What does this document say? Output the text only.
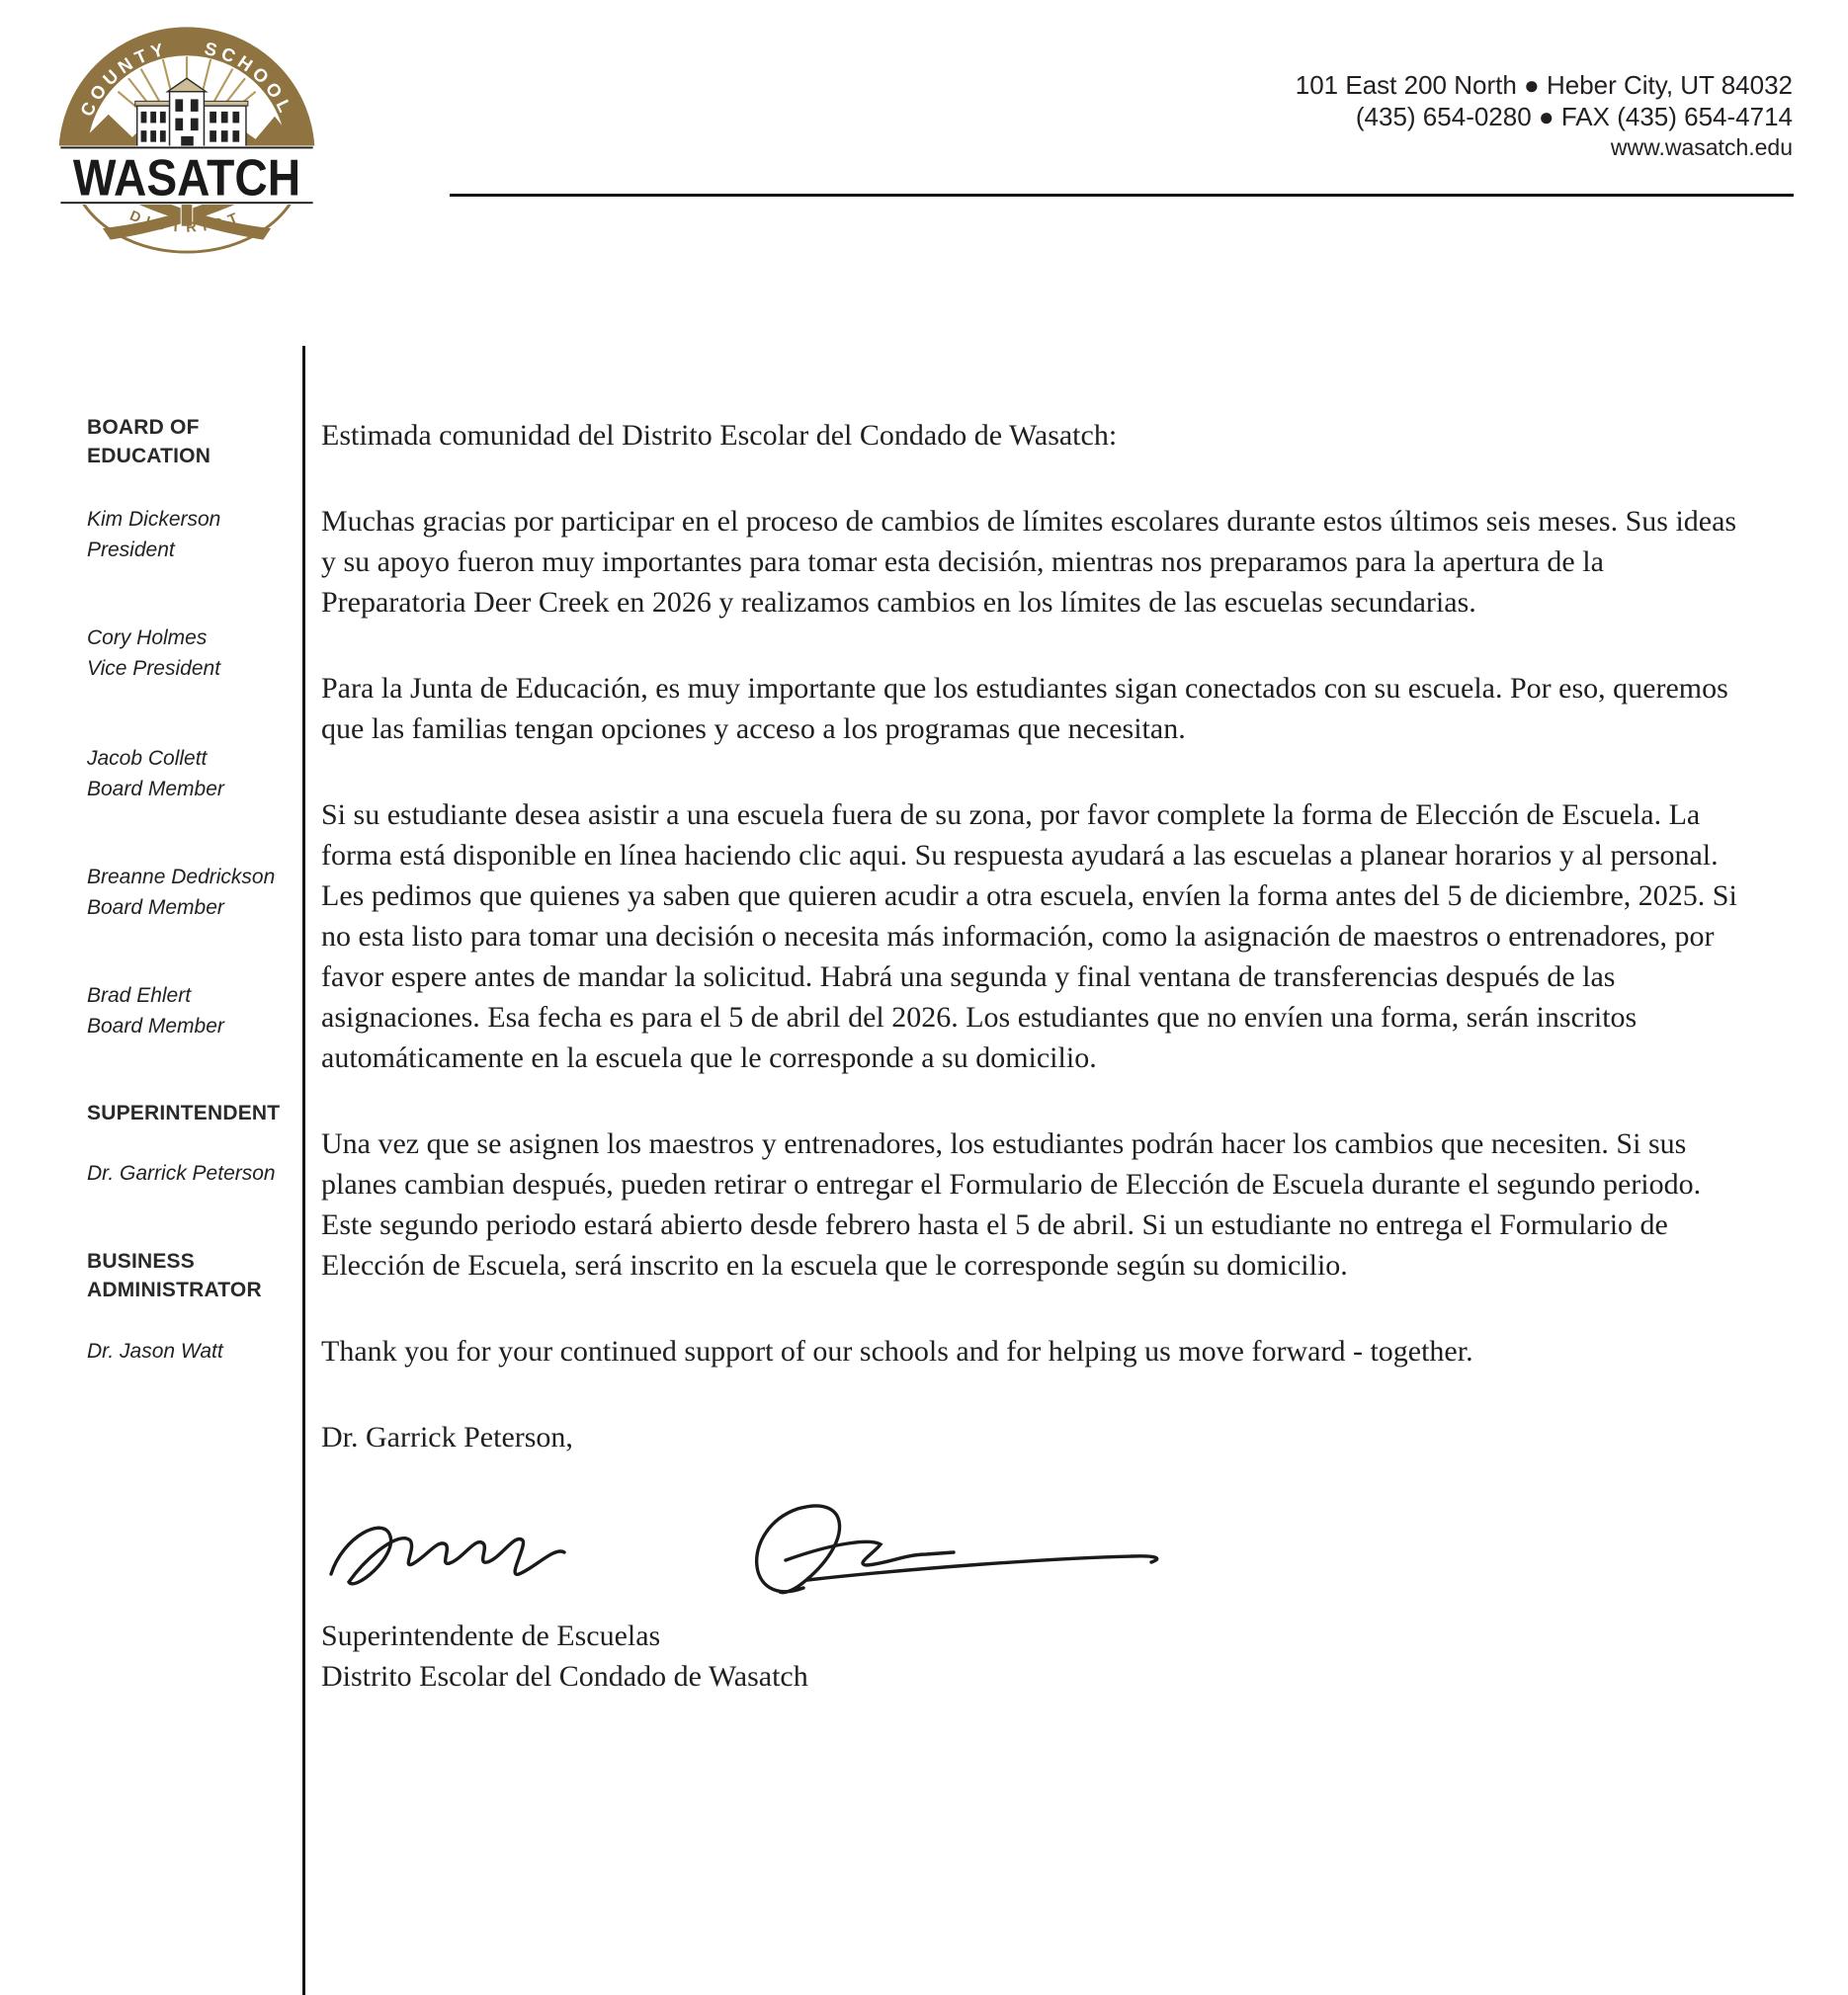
COUNTY SCHOOL
DISTRICT
WASATCH
101 East 200 North ● Heber City, UT 84032
(435) 654-0280 ● FAX (435) 654-4714
www.wasatch.edu
BOARD OF EDUCATION
Kim Dickerson
President
Cory Holmes
Vice President
Jacob Collett
Board Member
Breanne Dedrickson
Board Member
Brad Ehlert
Board Member
SUPERINTENDENT
Dr. Garrick Peterson
BUSINESS ADMINISTRATOR
Dr. Jason Watt

Estimada comunidad del Distrito Escolar del Condado de Wasatch:

Muchas gracias por participar en el proceso de cambios de límites escolares durante estos últimos seis meses. Sus ideas y su apoyo fueron muy importantes para tomar esta decisión, mientras nos preparamos para la apertura de la Preparatoria Deer Creek en 2026 y realizamos cambios en los límites de las escuelas secundarias.

Para la Junta de Educación, es muy importante que los estudiantes sigan conectados con su escuela. Por eso, queremos que las familias tengan opciones y acceso a los programas que necesitan.

Si su estudiante desea asistir a una escuela fuera de su zona, por favor complete la forma de Elección de Escuela. La forma está disponible en línea haciendo clic aqui. Su respuesta ayudará a las escuelas a planear horarios y al personal. Les pedimos que quienes ya saben que quieren acudir a otra escuela, envíen la forma antes del 5 de diciembre, 2025. Si no esta listo para tomar una decisión o necesita más información, como la asignación de maestros o entrenadores, por favor espere antes de mandar la solicitud. Habrá una segunda y final ventana de transferencias después de las asignaciones. Esa fecha es para el 5 de abril del 2026. Los estudiantes que no envíen una forma, serán inscritos automáticamente en la escuela que le corresponde a su domicilio.

Una vez que se asignen los maestros y entrenadores, los estudiantes podrán hacer los cambios que necesiten. Si sus planes cambian después, pueden retirar o entregar el Formulario de Elección de Escuela durante el segundo periodo. Este segundo periodo estará abierto desde febrero hasta el 5 de abril. Si un estudiante no entrega el Formulario de Elección de Escuela, será inscrito en la escuela que le corresponde según su domicilio.

Thank you for your continued support of our schools and for helping us move forward - together.

Dr. Garrick Peterson,

Superintendente de Escuelas
Distrito Escolar del Condado de Wasatch
